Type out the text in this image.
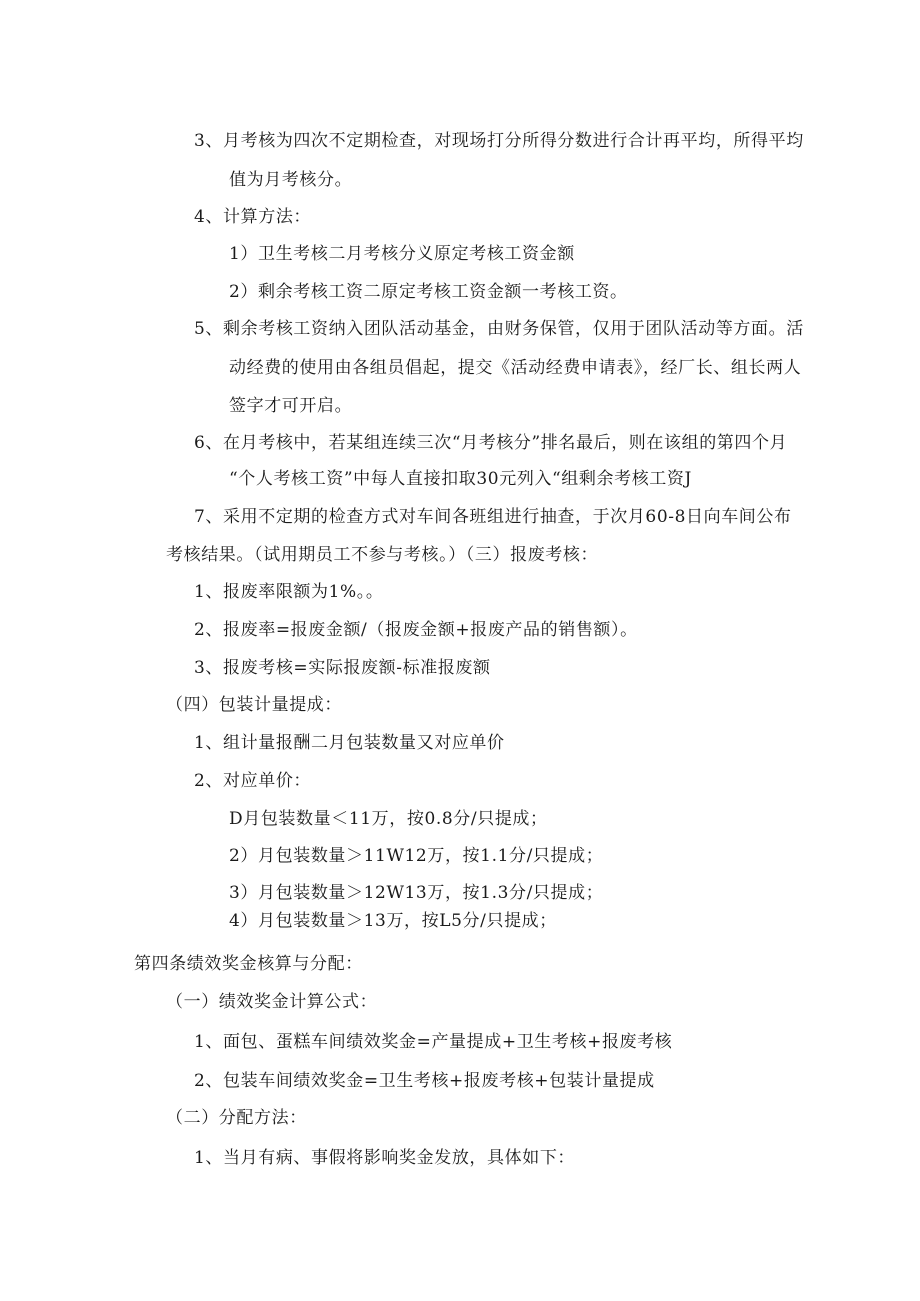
3、月考核为四次不定期检查，对现场打分所得分数进行合计再平均，所得平均

值为月考核分。

4、计算方法：

1）卫生考核二月考核分义原定考核工资金额

2）剩余考核工资二原定考核工资金额一考核工资。

5、剩余考核工资纳入团队活动基金，由财务保管，仅用于团队活动等方面。活

动经费的使用由各组员倡起，提交《活动经费申请表》，经厂长、组长两人

签字才可开启。

6、在月考核中，若某组连续三次“月考核分”排名最后，则在该组的第四个月

“个人考核工资”中每人直接扣取30元列入“组剩余考核工资J

7、采用不定期的检查方式对车间各班组进行抽查，于次月60-8日向车间公布

考核结果。（试用期员工不参与考核。）（三）报废考核：

1、报废率限额为1%。。

2、报废率=报废金额/（报废金额+报废产品的销售额）。

3、报废考核=实际报废额-标准报废额

（四）包装计量提成：

1、组计量报酬二月包装数量又对应单价

2、对应单价：

D月包装数量＜11万，按0.8分/只提成；

2）月包装数量＞11W12万，按1.1分/只提成；

3）月包装数量＞12W13万，按1.3分/只提成；

4）月包装数量＞13万，按L5分/只提成；

第四条绩效奖金核算与分配：

（一）绩效奖金计算公式：

1、面包、蛋糕车间绩效奖金=产量提成+卫生考核+报废考核

2、包装车间绩效奖金=卫生考核+报废考核+包装计量提成

（二）分配方法：

1、当月有病、事假将影响奖金发放，具体如下：
